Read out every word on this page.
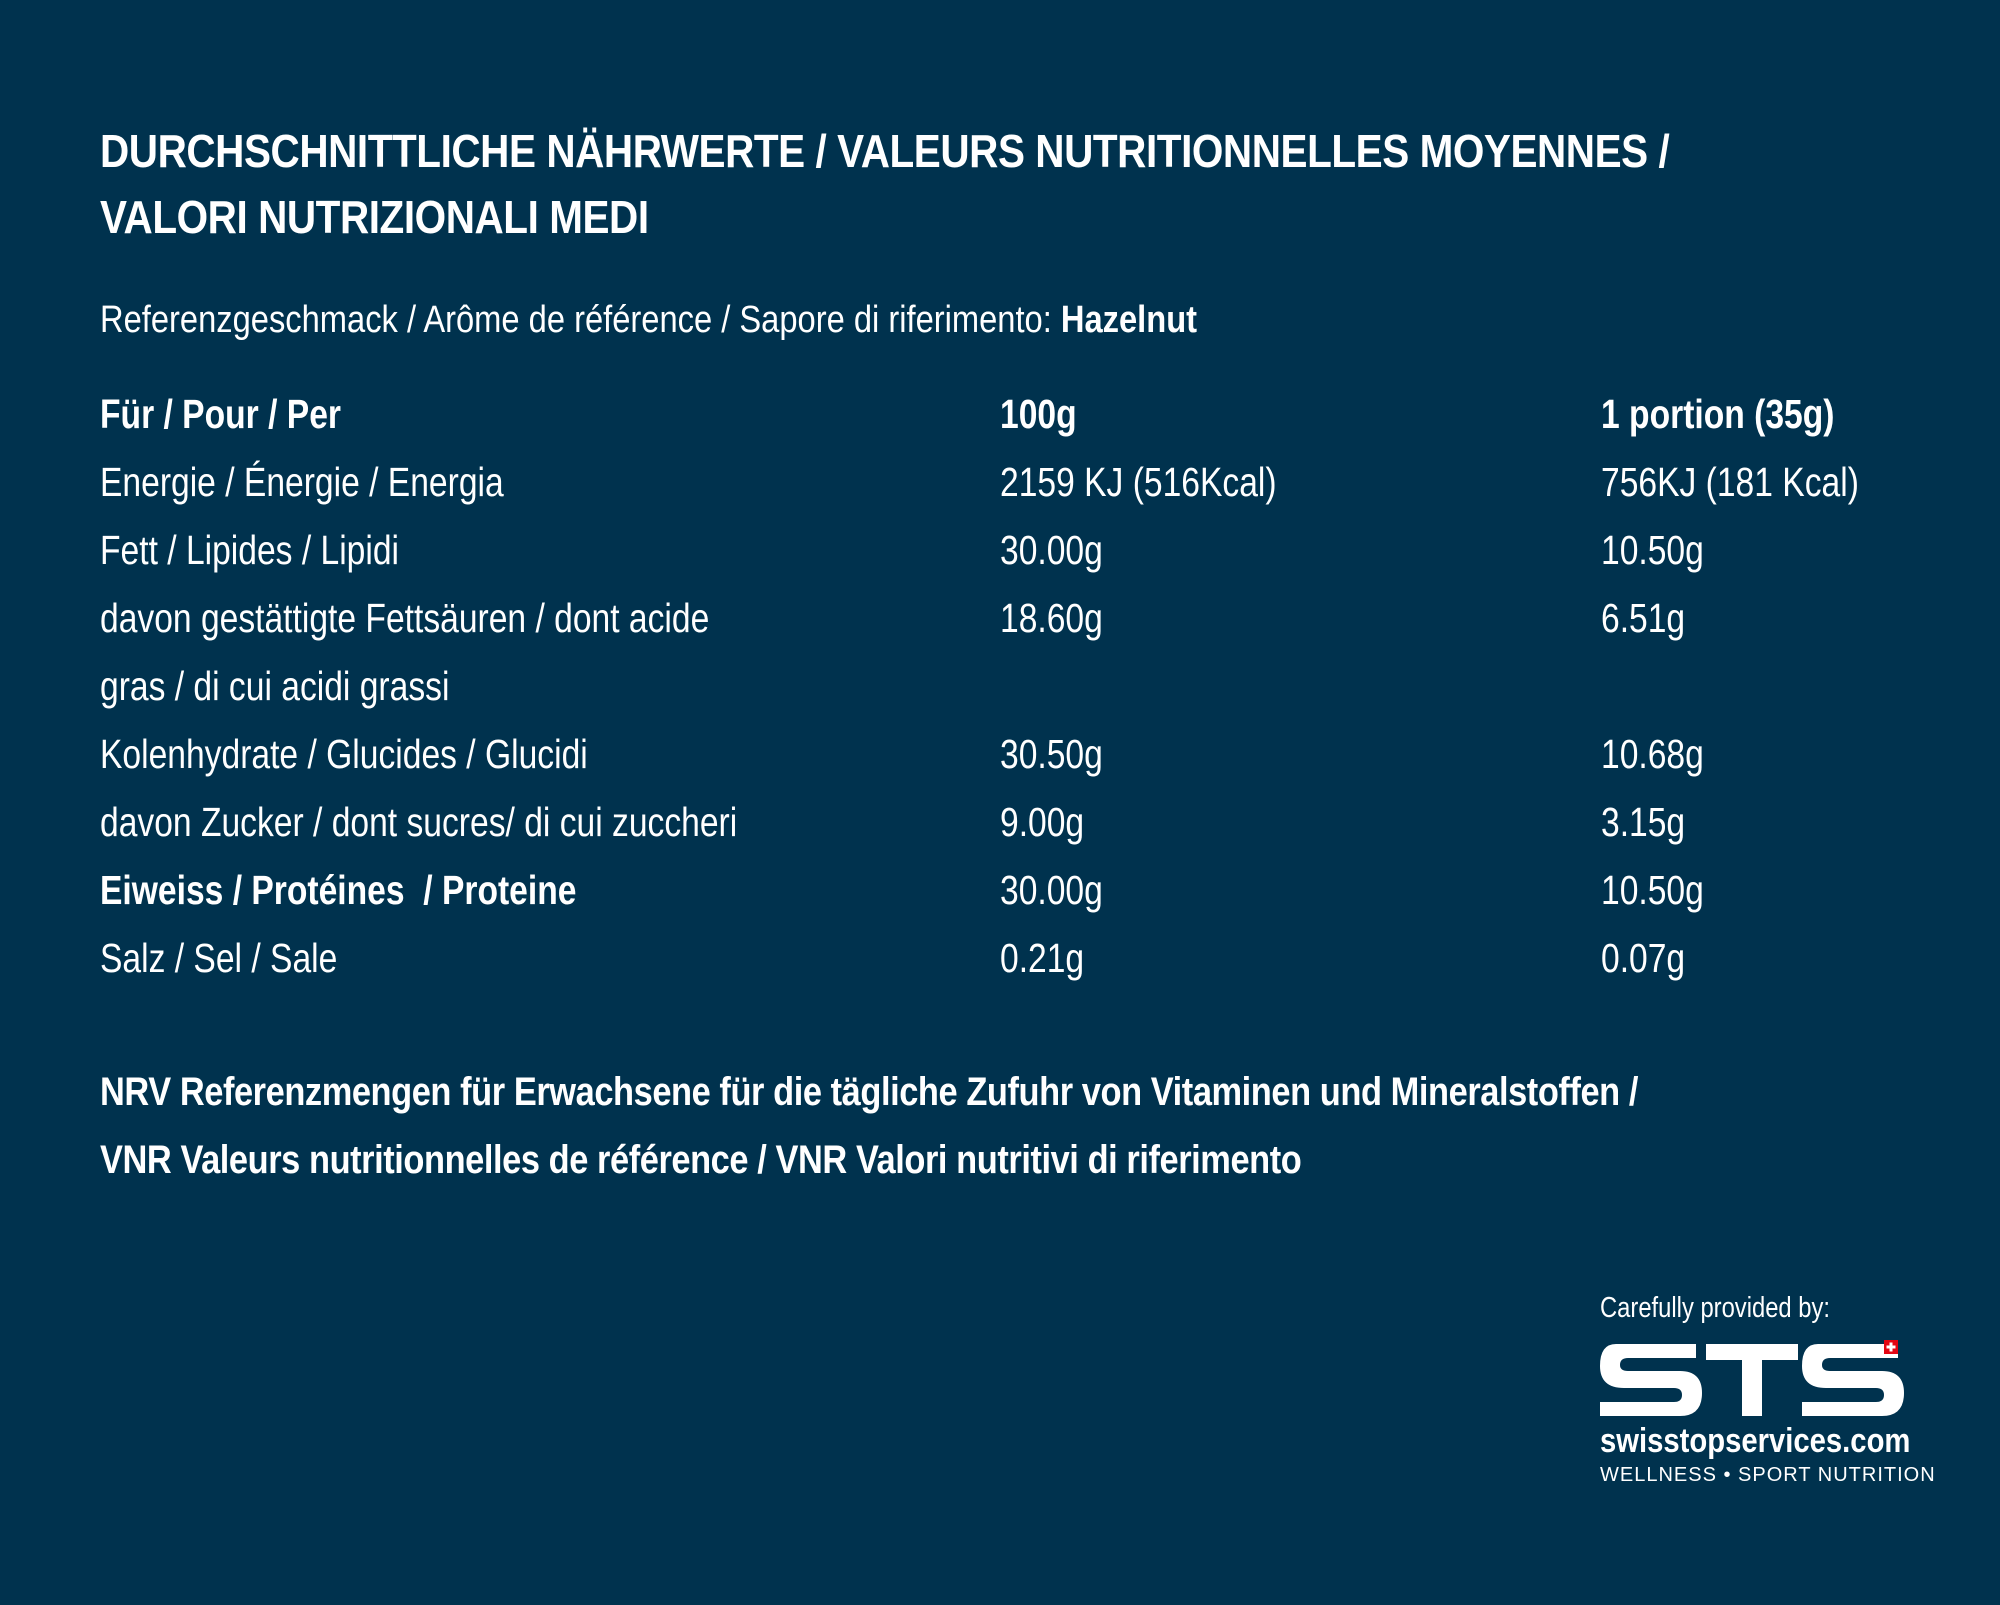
DURCHSCHNITTLICHE NÄHRWERTE / VALEURS NUTRITIONNELLES MOYENNES /
VALORI NUTRIZIONALI MEDI
Referenzgeschmack / Arôme de référence / Sapore di riferimento: Hazelnut
Für / Pour / Per	100g	1 portion (35g)
Energie / Énergie / Energia	2159 KJ (516Kcal)	756KJ (181 Kcal)
Fett / Lipides / Lipidi	30.00g	10.50g
davon gestättigte Fettsäuren / dont acide gras / di cui acidi grassi
18.60g	6.51g
Kolenhydrate / Glucides / Glucidi	30.50g	10.68g
davon Zucker / dont sucres/ di cui zuccheri	9.00g	3.15g
Eiweiss / Protéines  / Proteine	30.00g	10.50g
Salz / Sel / Sale	0.21g	0.07g
NRV Referenzmengen für Erwachsene für die tägliche Zufuhr von Vitaminen und Mineralstoffen /
VNR Valeurs nutritionnelles de référence / VNR Valori nutritivi di riferimento
Carefully provided by:
swisstopservices.com
WELLNESS • SPORT NUTRITION
